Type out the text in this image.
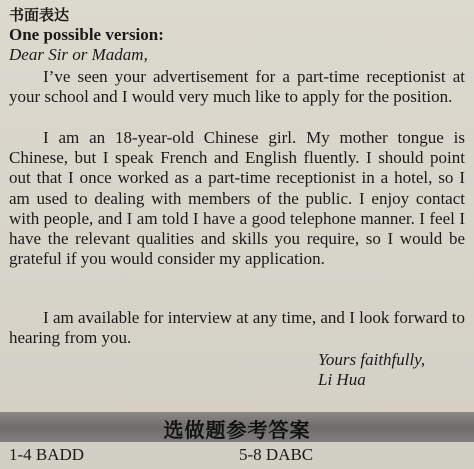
书面表达
One possible version:
Dear Sir or Madam,

I’ve seen your advertisement for a part-time receptionist at your school and I would very much like to apply for the position.

I am an 18-year-old Chinese girl. My mother tongue is Chinese, but I speak French and English fluently. I should point out that I once worked as a part-time receptionist in a hotel, so I am used to dealing with members of the public. I enjoy contact with people, and I am told I have a good telephone manner. I feel I have the relevant qualities and skills you require, so I would be grateful if you would consider my application.

I am available for interview at any time, and I look forward to hearing from you.

Yours faithfully,
Li Hua
选做题参考答案
1-4 BADD	5-8 DABC
